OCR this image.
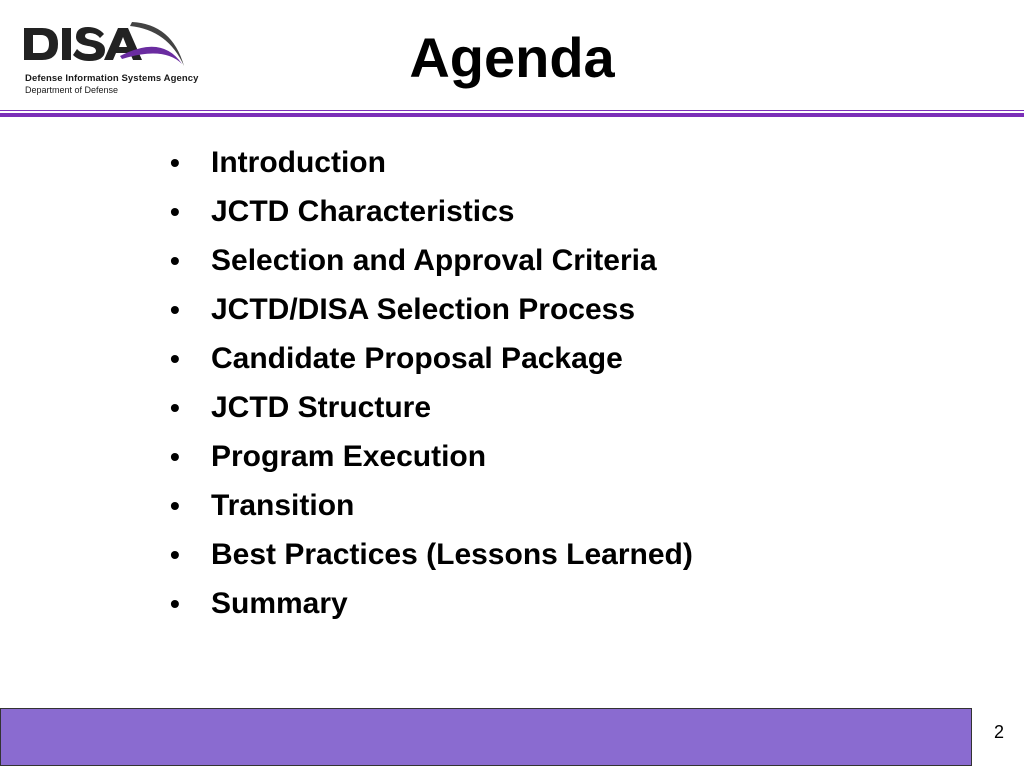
Defense Information Systems Agency
Department of Defense
Agenda
• Introduction
• JCTD Characteristics
• Selection and Approval Criteria
• JCTD/DISA Selection Process
• Candidate Proposal Package
• JCTD Structure
• Program Execution
• Transition
• Best Practices (Lessons Learned)
• Summary
2
